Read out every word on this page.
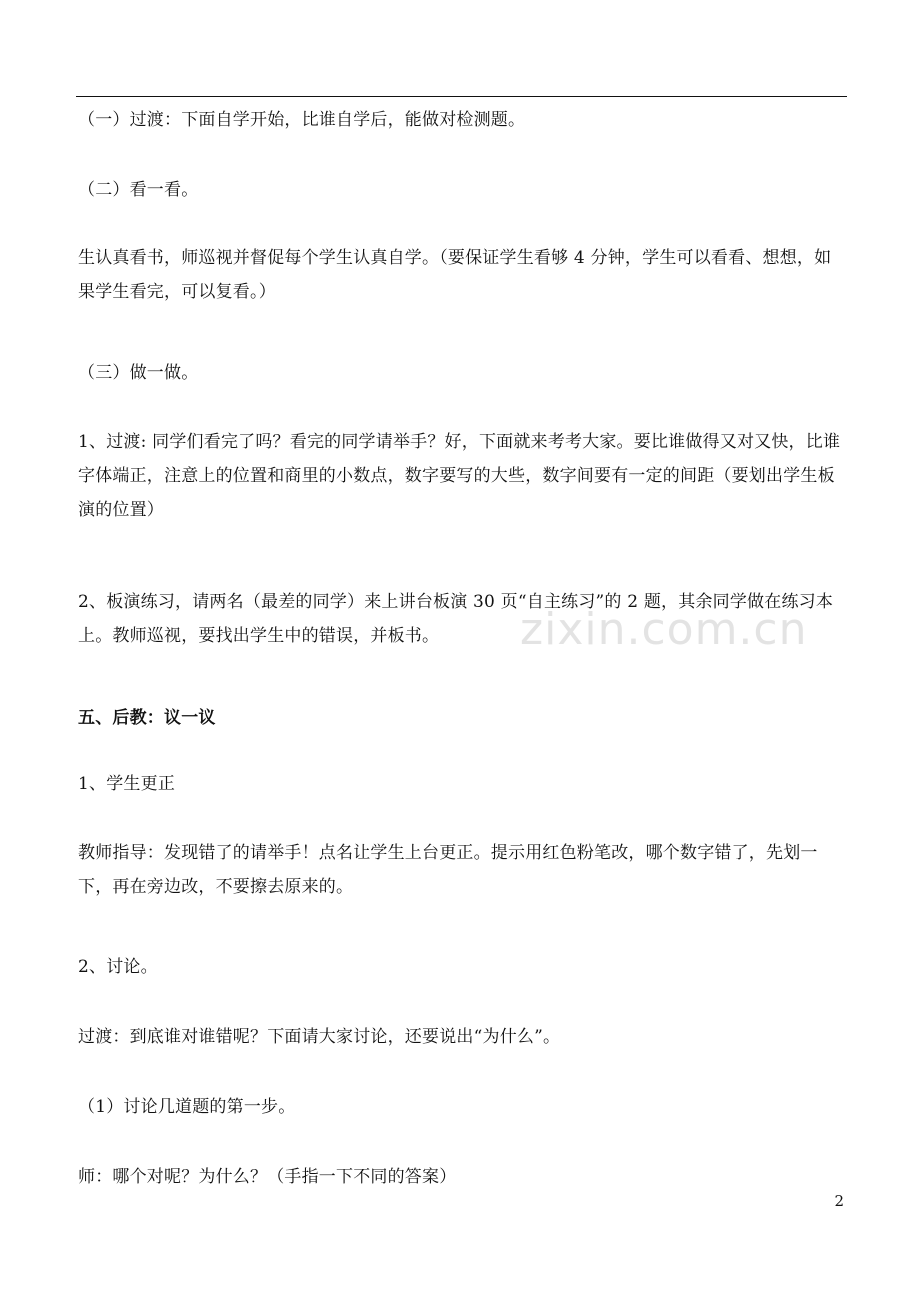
（一）过渡：下面自学开始，比谁自学后，能做对检测题。

（二）看一看。

生认真看书，师巡视并督促每个学生认真自学。（要保证学生看够 4 分钟，学生可以看看、想想，如果学生看完，可以复看。）

（三）做一做。

1、过渡: 同学们看完了吗？看完的同学请举手？好，下面就来考考大家。要比谁做得又对又快，比谁字体端正，注意上的位置和商里的小数点，数字要写的大些，数字间要有一定的间距（要划出学生板演的位置）

2、板演练习，请两名（最差的同学）来上讲台板演 30 页“自主练习”的 2 题，其余同学做在练习本上。教师巡视，要找出学生中的错误，并板书。

五、后教：议一议

1、学生更正

教师指导：发现错了的请举手！点名让学生上台更正。提示用红色粉笔改，哪个数字错了，先划一下，再在旁边改，不要擦去原来的。

2、讨论。

过渡：到底谁对谁错呢？下面请大家讨论，还要说出“为什么”。

（1）讨论几道题的第一步。

师：哪个对呢？为什么？（手指一下不同的答案）

zixin.com.cn
2
